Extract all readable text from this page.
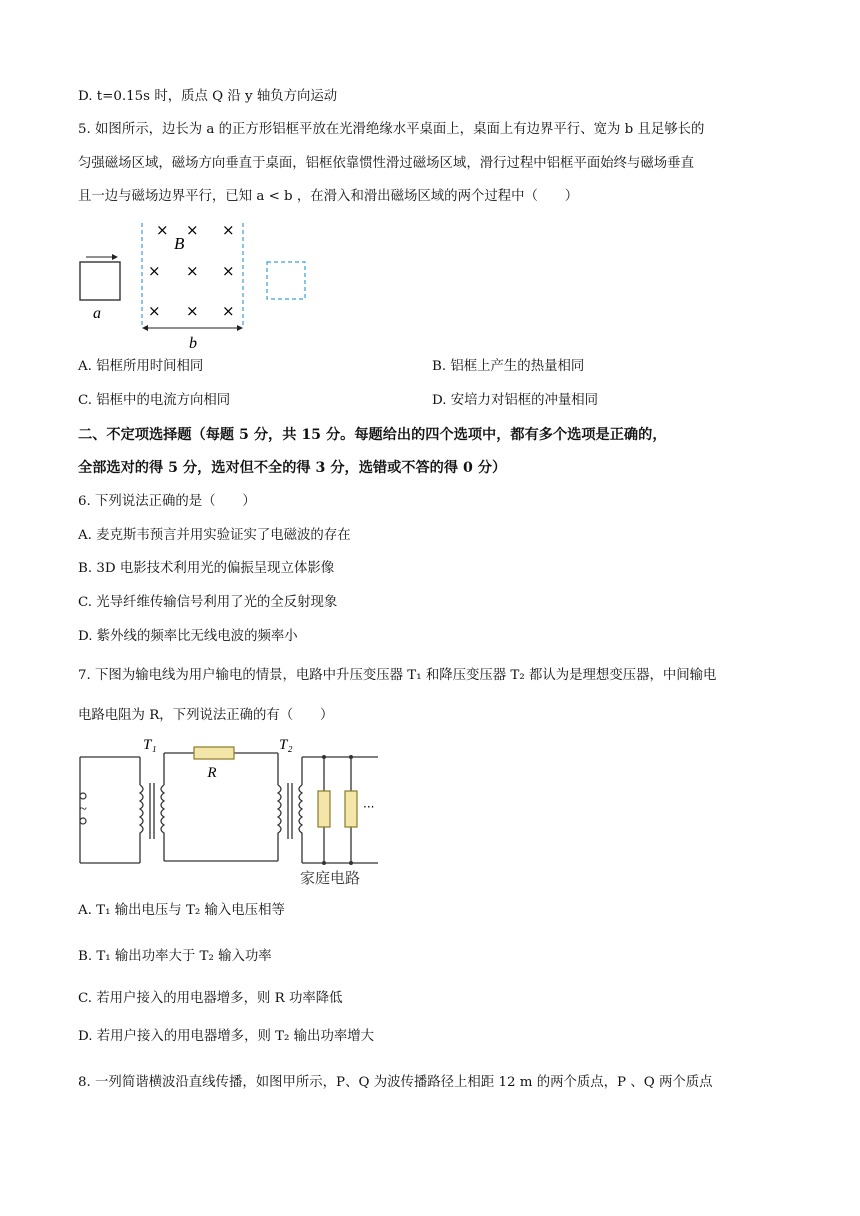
D. t=0.15s 时，质点 Q 沿 y 轴负方向运动
5. 如图所示，边长为 a 的正方形铝框平放在光滑绝缘水平桌面上，桌面上有边界平行、宽为 b 且足够长的
匀强磁场区域，磁场方向垂直于桌面，铝框依靠惯性滑过磁场区域，滑行过程中铝框平面始终与磁场垂直
且一边与磁场边界平行，已知 a < b ，在滑入和滑出磁场区域的两个过程中（　　）
a
× × ×
B
× × ×
× × ×
b
A. 铝框所用时间相同	B. 铝框上产生的热量相同
C. 铝框中的电流方向相同	D. 安培力对铝框的冲量相同
二、不定项选择题（每题 5 分，共 15 分。每题给出的四个选项中，都有多个选项是正确的，
全部选对的得 5 分，选对但不全的得 3 分，选错或不答的得 0 分）
6. 下列说法正确的是（　　）
A. 麦克斯韦预言并用实验证实了电磁波的存在
B. 3D 电影技术利用光的偏振呈现立体影像
C. 光导纤维传输信号利用了光的全反射现象
D. 紫外线的频率比无线电波的频率小
7. 下图为输电线为用户输电的情景，电路中升压变压器 T₁ 和降压变压器 T₂ 都认为是理想变压器，中间输电
电路电阻为 R，下列说法正确的有（　　）
~
R
T₁	T₂
···
家庭电路
A. T₁ 输出电压与 T₂ 输入电压相等
B. T₁ 输出功率大于 T₂ 输入功率
C. 若用户接入的用电器增多，则 R 功率降低
D. 若用户接入的用电器增多，则 T₂ 输出功率增大
8. 一列简谐横波沿直线传播，如图甲所示，P、Q 为波传播路径上相距 12 m 的两个质点，P 、Q 两个质点
